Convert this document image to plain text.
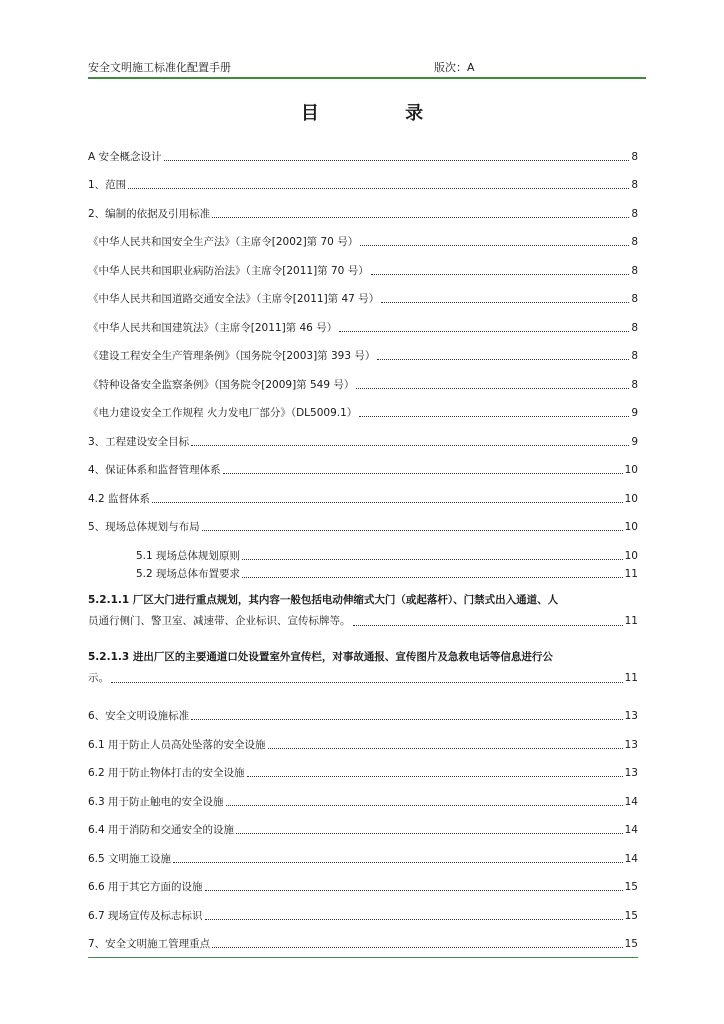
安全文明施工标准化配置手册	版次：A
目 录
A 安全概念设计	8
1、范围	8
2、编制的依据及引用标准	8
《中华人民共和国安全生产法》（主席令[2002]第 70 号）	8
《中华人民共和国职业病防治法》（主席令[2011]第 70 号）	8
《中华人民共和国道路交通安全法》（主席令[2011]第 47 号）	8
《中华人民共和国建筑法》（主席令[2011]第 46 号）	8
《建设工程安全生产管理条例》（国务院令[2003]第 393 号）	8
《特种设备安全监察条例》（国务院令[2009]第 549 号）	8
《电力建设安全工作规程 火力发电厂部分》（DL5009.1）	9
3、工程建设安全目标	9
4、保证体系和监督管理体系	10
4.2 监督体系	10
5、现场总体规划与布局	10
5.1 现场总体规划原则	10
5.2 现场总体布置要求	11
5.2.1.1 厂区大门进行重点规划，其内容一般包括电动伸缩式大门（或起落杆）、门禁式出入通道、人
员通行侧门、警卫室、减速带、企业标识、宣传标牌等。	11
5.2.1.3 进出厂区的主要通道口处设置室外宣传栏，对事故通报、宣传图片及急救电话等信息进行公
示。	11
6、安全文明设施标准	13
6.1 用于防止人员高处坠落的安全设施	13
6.2 用于防止物体打击的安全设施	13
6.3 用于防止触电的安全设施	14
6.4 用于消防和交通安全的设施	14
6.5 文明施工设施	14
6.6 用于其它方面的设施	15
6.7 现场宣传及标志标识	15
7、安全文明施工管理重点	15
